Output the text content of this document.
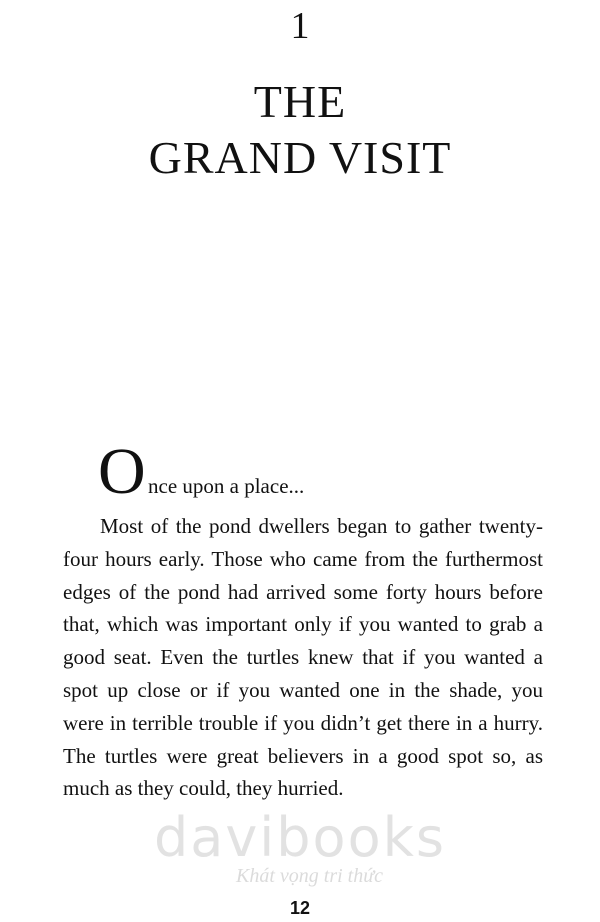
1
THE
GRAND VISIT
O nce upon a place...

Most of the pond dwellers began to gather twenty-four hours early. Those who came from the furthermost edges of the pond had arrived some forty hours before that, which was important only if you wanted to grab a good seat. Even the turtles knew that if you wanted a spot up close or if you wanted one in the shade, you were in terrible trouble if you didn’t get there in a hurry. The turtles were great believers in a good spot so, as much as they could, they hurried.

davibooks
Khát vọng tri thức
12
